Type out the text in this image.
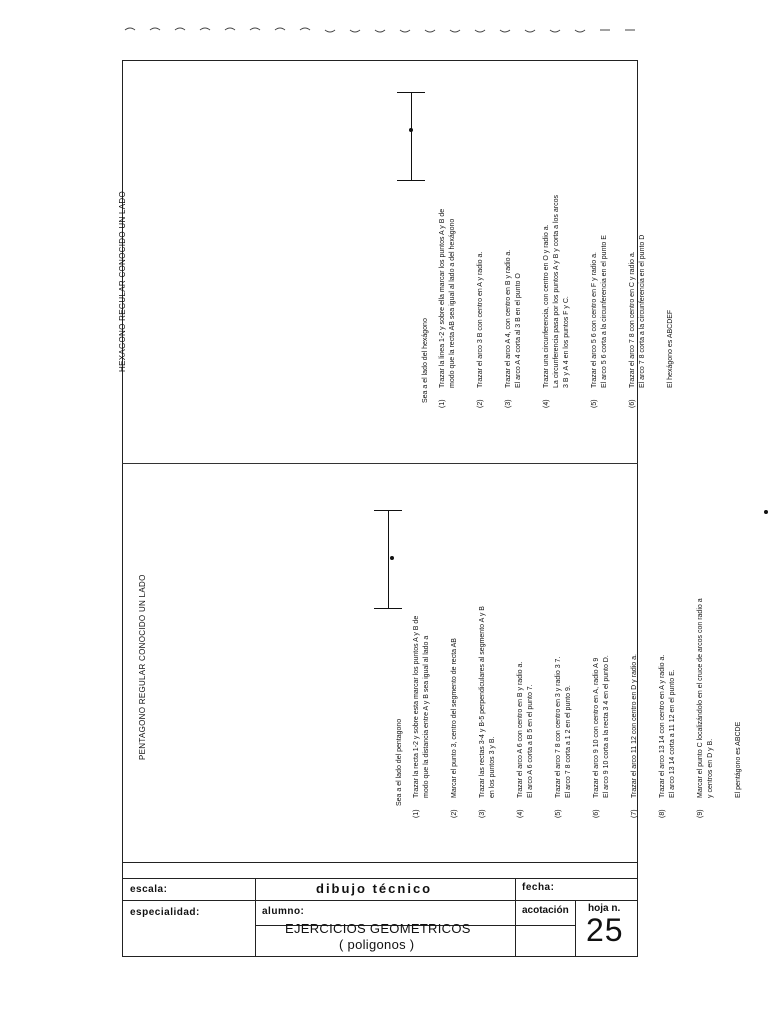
PENTAGONO REGULAR CONOCIDO UN LADO
Sea a el lado del pentagono
(1)
Trazar la recta 1-2 y sobre esta marcar los puntos A y B de modo que la distancia entre A y B sea igual al lado a
(2)
Marcar el punto 3, centro del segmento de recta AB
(3)
Trazar las rectas 3-4 y B-5 perpendiculares al segmento A y B en los puntos 3 y B.
(4)
Trazar el arco A 6 con centro en B y radio a. El arco A 6 corta a B 5 en el punto 7.
(5)
Trazar el arco 7 8 con centro en 3 y radio 3 7. El arco 7 8 corta a 1 2 en el punto 9.
(6)
Trazar el arco 9 10 con centro en A, radio A 9 El arco 9 10 corta a la recta 3 4 en el punto D.
(7)
Trazar el arco 11 12 con centro en D y radio a.
(8)
Trazar el arco 13 14 con centro en A y radio a. El arco 13 14 corta a 11 12 en el punto E.
(9)
Marcar el punto C localizándolo en el cruce de arcos con radio a y centros en D y B.	El pentágono es ABCDE
HEXAGONO REGULAR CONOCIDO UN LADO	Sea a el lado del hexágono
(1)
Trazar la linea 1-2 y sobre ella marcar los puntos A y B de modo que la recta AB sea igual al lado a del hexágono
(2)
Trazar el arco 3 B con centro en A y radio a.
(3)
Trazar el arco A 4, con centro en B y radio a. El arco A 4 corta al 3 B en el punto O
(4)
Trazar una circunferencia, con centro en O y radio a. La circunferencia pasa por los puntos A y B y corta a los arcos 3 B y A 4 en los puntos F y C.
(5)
Trazar el arco 5 6 con centro en F y radio a. El arco 5 6 corta a la circunferencia en el punto E
(6)
Trazar el arco 7 8 con centro en C y radio a. El arco 7 8 corta a la circunferencia en el punto D	El hexágono es ABCDEF
escala:	dibujo técnico	fecha:
especialidad:	alumno:	acotación hoja n.
25
EJERCICIOS GEOMETRICOS
( poligonos )
